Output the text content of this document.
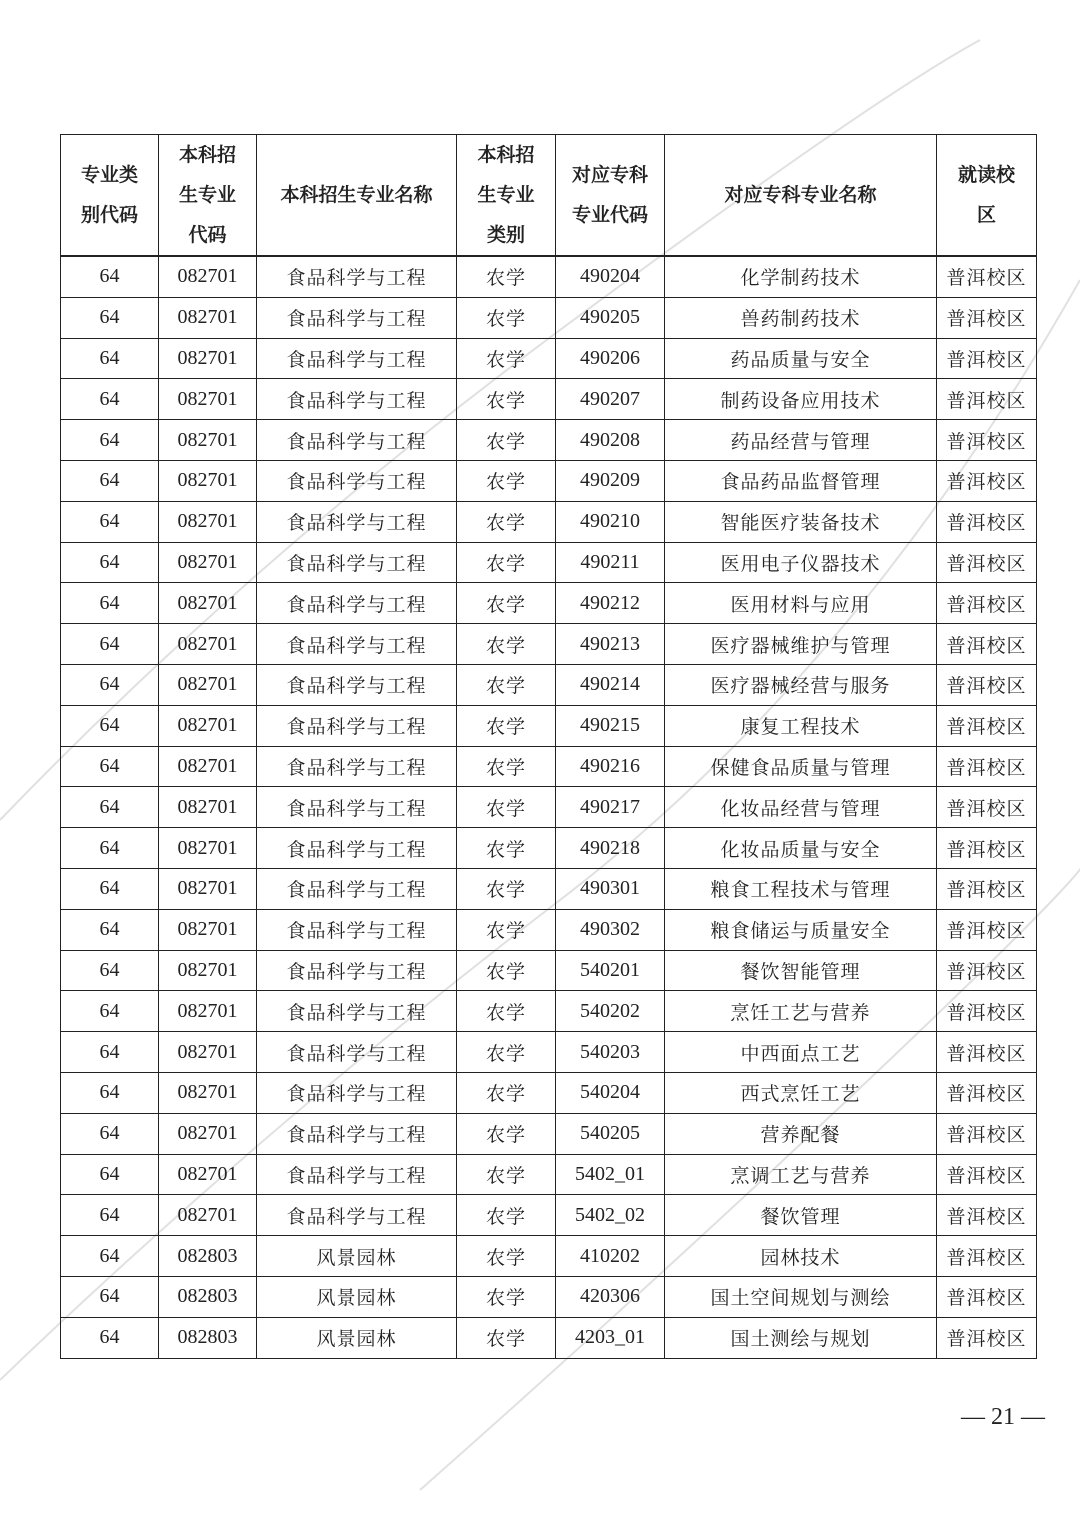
专业类别代码	本科招生专业代码	本科招生专业名称	本科招生专业类别	对应专科专业代码	对应专科专业名称	就读校区

64	082701	食品科学与工程	农学	490204	化学制药技术	普洱校区
64	082701	食品科学与工程	农学	490205	兽药制药技术	普洱校区
64	082701	食品科学与工程	农学	490206	药品质量与安全	普洱校区
64	082701	食品科学与工程	农学	490207	制药设备应用技术	普洱校区
64	082701	食品科学与工程	农学	490208	药品经营与管理	普洱校区
64	082701	食品科学与工程	农学	490209	食品药品监督管理	普洱校区
64	082701	食品科学与工程	农学	490210	智能医疗装备技术	普洱校区
64	082701	食品科学与工程	农学	490211	医用电子仪器技术	普洱校区
64	082701	食品科学与工程	农学	490212	医用材料与应用	普洱校区
64	082701	食品科学与工程	农学	490213	医疗器械维护与管理	普洱校区
64	082701	食品科学与工程	农学	490214	医疗器械经营与服务	普洱校区
64	082701	食品科学与工程	农学	490215	康复工程技术	普洱校区
64	082701	食品科学与工程	农学	490216	保健食品质量与管理	普洱校区
64	082701	食品科学与工程	农学	490217	化妆品经营与管理	普洱校区
64	082701	食品科学与工程	农学	490218	化妆品质量与安全	普洱校区
64	082701	食品科学与工程	农学	490301	粮食工程技术与管理	普洱校区
64	082701	食品科学与工程	农学	490302	粮食储运与质量安全	普洱校区
64	082701	食品科学与工程	农学	540201	餐饮智能管理	普洱校区
64	082701	食品科学与工程	农学	540202	烹饪工艺与营养	普洱校区
64	082701	食品科学与工程	农学	540203	中西面点工艺	普洱校区
64	082701	食品科学与工程	农学	540204	西式烹饪工艺	普洱校区
64	082701	食品科学与工程	农学	540205	营养配餐	普洱校区
64	082701	食品科学与工程	农学	5402_01	烹调工艺与营养	普洱校区
64	082701	食品科学与工程	农学	5402_02	餐饮管理	普洱校区
64	082803	风景园林	农学	410202	园林技术	普洱校区
64	082803	风景园林	农学	420306	国土空间规划与测绘	普洱校区
64	082803	风景园林	农学	4203_01	国土测绘与规划	普洱校区
— 21 —
